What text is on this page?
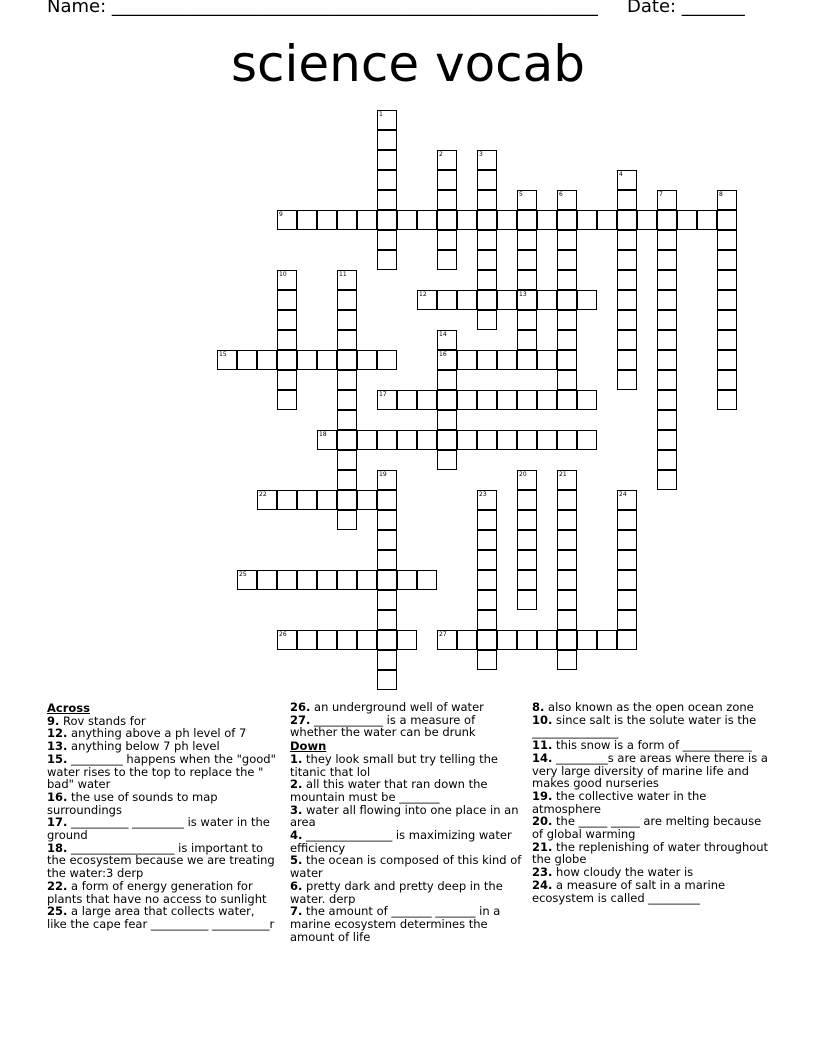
Name: ______________________________________________________ Date: _______
science vocab
1
2	3
4
5
13
6	7	8
9
10	11
12
14
16
15
17
18
19	20	21
22	23	24
25
26	27
Across
9. Rov stands for
12. anything above a ph level of 7
13. anything below 7 ph level
15. _________ happens when the "good" water rises to the top to replace the " bad" water
16. the use of sounds to map surroundings
17. __________ _________ is water in the ground
18. __________________ is important to the ecosystem because we are treating the water:3 derp
22. a form of energy generation for plants that have no access to sunlight
25. a large area that collects water, like the cape fear __________ __________r
26. an underground well of water
27. ____________ is a measure of whether the water can be drunk
Down
1. they look small but try telling the titanic that lol
2. all this water that ran down the mountain must be _______
3. water all flowing into one place in an area
4. _______________ is maximizing water efficiency
5. the ocean is composed of this kind of water
6. pretty dark and pretty deep in the water. derp
7. the amount of _______ _______ in a marine ecosystem determines the amount of life
8. also known as the open ocean zone
10. since salt is the solute water is the _______________
11. this snow is a form of ____________
14. _________s are areas where there is a very large diversity of marine life and makes good nurseries
19. the collective water in the atmosphere
20. the _____ _____ are melting because of global warming
21. the replenishing of water throughout the globe
23. how cloudy the water is
24. a measure of salt in a marine ecosystem is called _________
